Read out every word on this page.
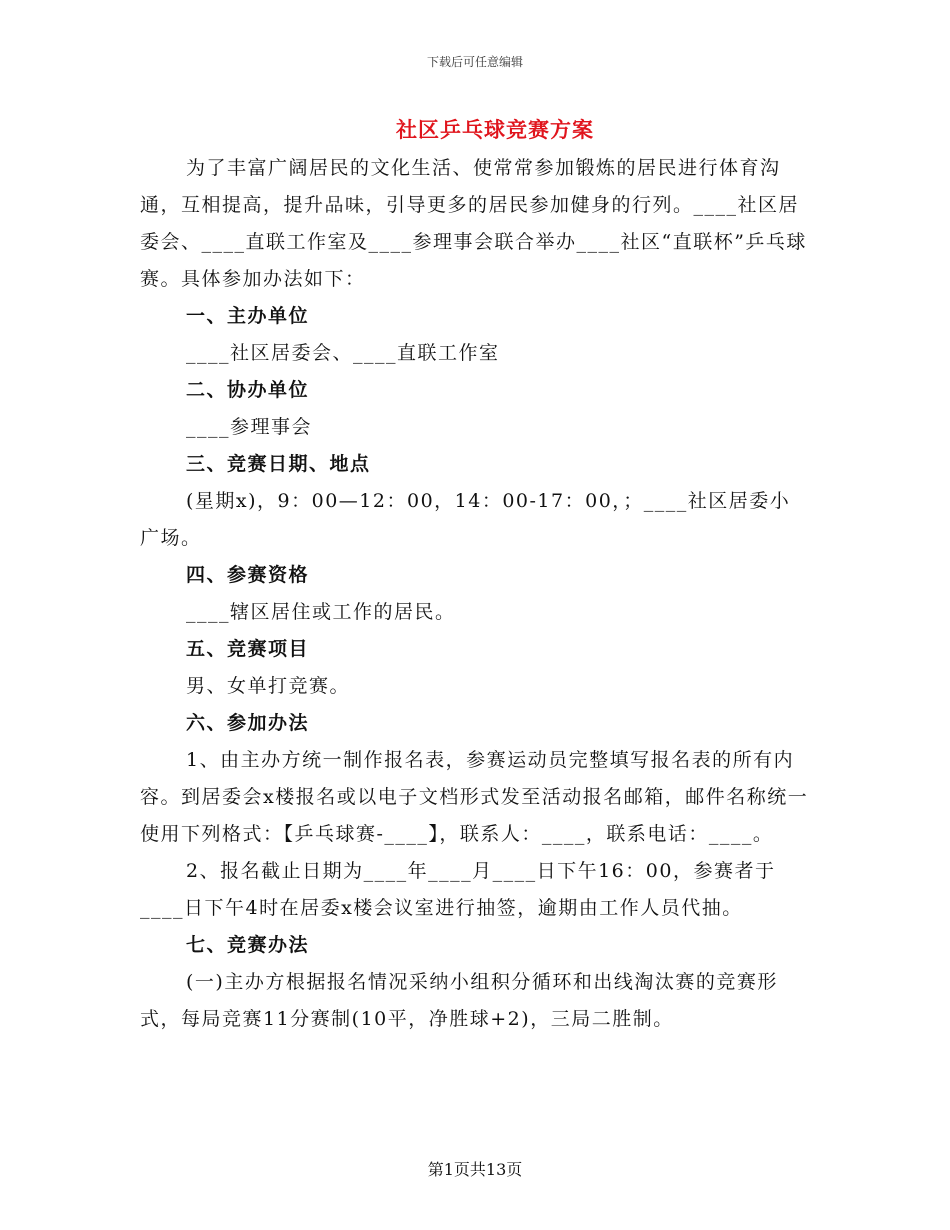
下载后可任意编辑
社区乒乓球竞赛方案

为了丰富广阔居民的文化生活、使常常参加锻炼的居民进行体育沟通，互相提高，提升品味，引导更多的居民参加健身的行列。____社区居委会、____直联工作室及____参理事会联合举办____社区“直联杯”乒乓球赛。具体参加办法如下：

一、主办单位

____社区居委会、____直联工作室

二、协办单位

____参理事会

三、竞赛日期、地点

(星期x)，9：00—12：00，14：00-17：00，；____社区居委小广场。

四、参赛资格

____辖区居住或工作的居民。

五、竞赛项目

男、女单打竞赛。

六、参加办法

1、由主办方统一制作报名表，参赛运动员完整填写报名表的所有内容。到居委会x楼报名或以电子文档形式发至活动报名邮箱，邮件名称统一使用下列格式：【乒乓球赛-____】，联系人：____，联系电话：____。

2、报名截止日期为____年____月____日下午16：00，参赛者于____日下午4时在居委x楼会议室进行抽签，逾期由工作人员代抽。

七、竞赛办法

(一)主办方根据报名情况采纳小组积分循环和出线淘汰赛的竞赛形式，每局竞赛11分赛制(10平，净胜球+2)，三局二胜制。

第1页共13页
